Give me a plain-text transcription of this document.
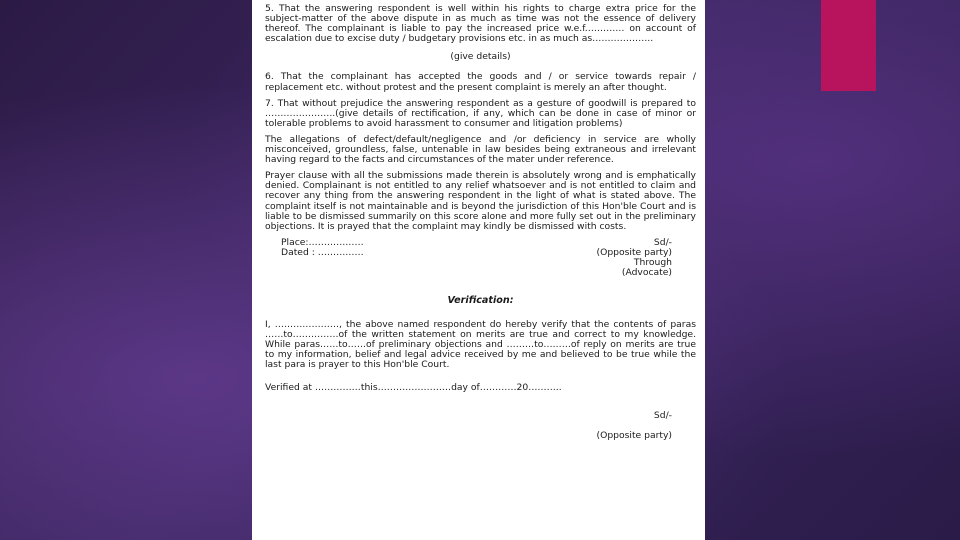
5. That the answering respondent is well within his rights to charge extra price for the subject-matter of the above dispute in as much as time was not the essence of delivery thereof. The complainant is liable to pay the increased price w.e.f.………… on account of escalation due to excise duty / budgetary provisions etc. in as much as………………..

(give details)

6. That the complainant has accepted the goods and / or service towards repair / replacement etc. without protest and the present complaint is merely an after thought.

7. That without prejudice the answering respondent as a gesture of goodwill is prepared to …………………..(give details of rectification, if any, which can be done in case of minor or tolerable problems to avoid harassment to consumer and litigation problems)

The allegations of defect/default/negligence and /or deficiency in service are wholly misconceived, groundless, false, untenable in law besides being extraneous and irrelevant having regard to the facts and circumstances of the mater under reference.

Prayer clause with all the submissions made therein is absolutely wrong and is emphatically denied. Complainant is not entitled to any relief whatsoever and is not entitled to claim and recover any thing from the answering respondent in the light of what is stated above. The complaint itself is not maintainable and is beyond the jurisdiction of this Hon'ble Court and is liable to be dismissed summarily on this score alone and more fully set out in the preliminary objections. It is prayed that the complaint may kindly be dismissed with costs.

Place:………………
Dated : ……………
Sd/-
(Opposite party)
Through
(Advocate)
Verification:

I, …………………, the above named respondent do hereby verify that the contents of paras ……to……………of the written statement on merits are true and correct to my knowledge. While paras……to……of preliminary objections and ………to………of reply on merits are true to my information, belief and legal advice received by me and believed to be true while the last para is prayer to this Hon'ble Court.

Verified at ……………this……………………day of…………20………..

Sd/-
(Opposite party)
